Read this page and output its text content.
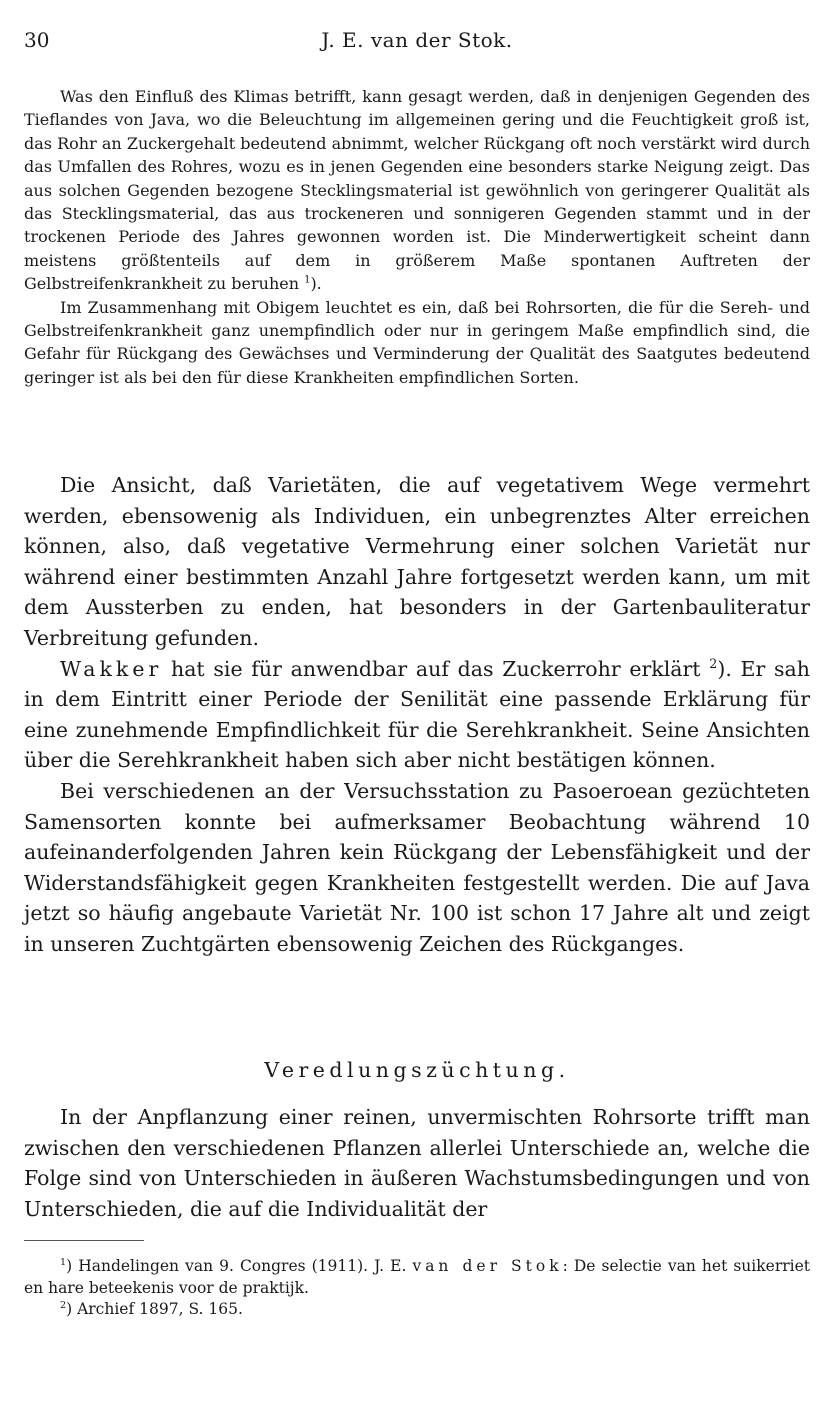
30	J. E. van der Stok.

Was den Einfluß des Klimas betrifft, kann gesagt werden, daß in denjenigen Gegenden des Tieflandes von Java, wo die Beleuchtung im allgemeinen gering und die Feuchtigkeit groß ist, das Rohr an Zuckergehalt bedeutend abnimmt, welcher Rückgang oft noch verstärkt wird durch das Umfallen des Rohres, wozu es in jenen Gegenden eine besonders starke Neigung zeigt. Das aus solchen Gegenden bezogene Stecklingsmaterial ist gewöhnlich von geringerer Qualität als das Stecklingsmaterial, das aus trockeneren und sonnigeren Gegenden stammt und in der trockenen Periode des Jahres gewonnen worden ist. Die Minderwertigkeit scheint dann meistens größtenteils auf dem in größerem Maße spontanen Auftreten der Gelbstreifenkrankheit zu beruhen $^1$).

Im Zusammenhang mit Obigem leuchtet es ein, daß bei Rohrsorten, die für die Sereh- und Gelbstreifenkrankheit ganz unempfindlich oder nur in geringem Maße empfindlich sind, die Gefahr für Rückgang des Gewächses und Verminderung der Qualität des Saatgutes bedeutend geringer ist als bei den für diese Krankheiten empfindlichen Sorten.

Die Ansicht, daß Varietäten, die auf vegetativem Wege vermehrt werden, ebensowenig als Individuen, ein unbegrenztes Alter erreichen können, also, daß vegetative Vermehrung einer solchen Varietät nur während einer bestimmten Anzahl Jahre fortgesetzt werden kann, um mit dem Aussterben zu enden, hat besonders in der Gartenbauliteratur Verbreitung gefunden.

Wakker hat sie für anwendbar auf das Zuckerrohr erklärt $^2$). Er sah in dem Eintritt einer Periode der Senilität eine passende Erklärung für eine zunehmende Empfindlichkeit für die Serehkrankheit. Seine Ansichten über die Serehkrankheit haben sich aber nicht bestätigen können.

Bei verschiedenen an der Versuchsstation zu Pasoeroean gezüchteten Samensorten konnte bei aufmerksamer Beobachtung während 10 aufeinanderfolgenden Jahren kein Rückgang der Lebensfähigkeit und der Widerstandsfähigkeit gegen Krankheiten festgestellt werden. Die auf Java jetzt so häufig angebaute Varietät Nr. 100 ist schon 17 Jahre alt und zeigt in unseren Zuchtgärten ebensowenig Zeichen des Rückganges.

Veredlungszüchtung.

In der Anpflanzung einer reinen, unvermischten Rohrsorte trifft man zwischen den verschiedenen Pflanzen allerlei Unterschiede an, welche die Folge sind von Unterschieden in äußeren Wachstumsbedingungen und von Unterschieden, die auf die Individualität der

$^1$) Handelingen van 9. Congres (1911). J. E. van der Stok: De selectie van het suikerriet en hare beteekenis voor de praktijk.

$^2$) Archief 1897, S. 165.
